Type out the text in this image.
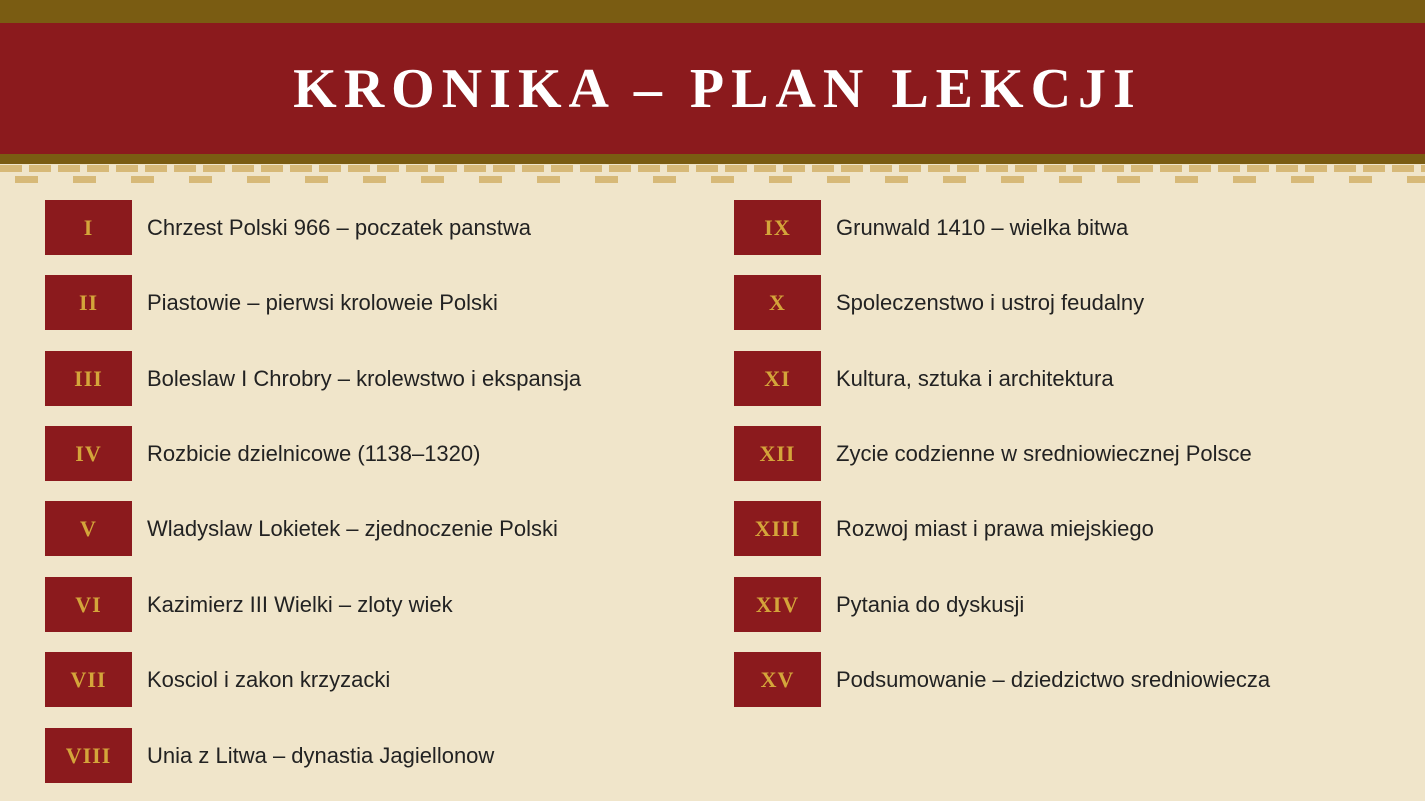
KRONIKA – PLAN LEKCJI
I	Chrzest Polski 966 – poczatek panstwa
II	Piastowie – pierwsi kroloweie Polski
III	Boleslaw I Chrobry – krolewstwo i ekspansja
IV	Rozbicie dzielnicowe (1138–1320)
V	Wladyslaw Lokietek – zjednoczenie Polski
VI	Kazimierz III Wielki – zloty wiek
VII	Kosciol i zakon krzyzacki
VIII	Unia z Litwa – dynastia Jagiellonow
IX	Grunwald 1410 – wielka bitwa
X	Spoleczenstwo i ustroj feudalny
XI	Kultura, sztuka i architektura
XII	Zycie codzienne w sredniowiecznej Polsce
XIII	Rozwoj miast i prawa miejskiego
XIV	Pytania do dyskusji
XV	Podsumowanie – dziedzictwo sredniowiecza
